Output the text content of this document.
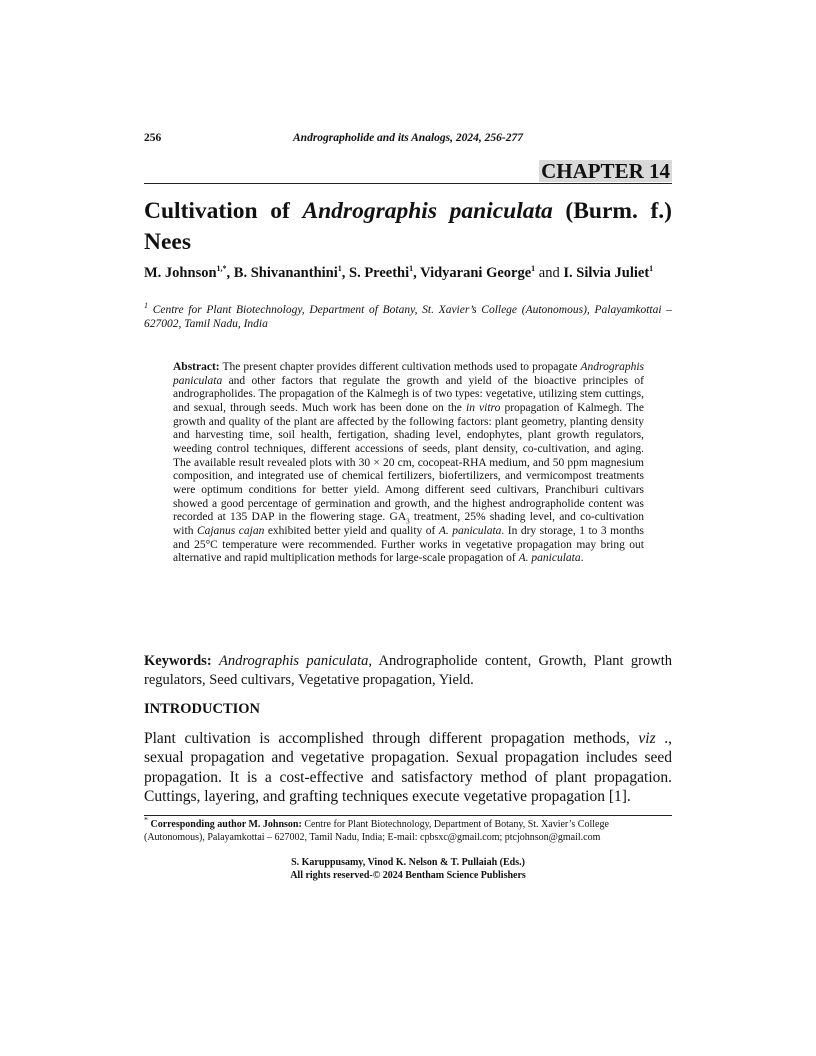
256	Andrographolide and its Analogs, 2024, 256-277
CHAPTER 14
Cultivation of Andrographis paniculata (Burm. f.) Nees
M. Johnson$^{1,*}$, B. Shivananthini$^1$, S. Preethi$^1$, Vidyarani George$^1$ and I. Silvia Juliet$^1$
$^1$ Centre for Plant Biotechnology, Department of Botany, St. Xavier’s College (Autonomous), Palayamkottai – 627002, Tamil Nadu, India
Abstract: The present chapter provides different cultivation methods used to propagate Andrographis paniculata and other factors that regulate the growth and yield of the bioactive principles of andrographolides. The propagation of the Kalmegh is of two types: vegetative, utilizing stem cuttings, and sexual, through seeds. Much work has been done on the in vitro propagation of Kalmegh. The growth and quality of the plant are affected by the following factors: plant geometry, planting density and harvesting time, soil health, fertigation, shading level, endophytes, plant growth regulators, weeding control techniques, different accessions of seeds, plant density, co-cultivation, and aging. The available result revealed plots with 30 × 20 cm, cocopeat-RHA medium, and 50 ppm magnesium composition, and integrated use of chemical fertilizers, biofertilizers, and vermicompost treatments were optimum conditions for better yield. Among different seed cultivars, Pranchiburi cultivars showed a good percentage of germination and growth, and the highest andrographolide content was recorded at 135 DAP in the flowering stage. $GA_3$ treatment, 25% shading level, and co-cultivation with Cajanus cajan exhibited better yield and quality of A. paniculata. In dry storage, 1 to 3 months and 25°C temperature were recommended. Further works in vegetative propagation may bring out alternative and rapid multiplication methods for large-scale propagation of A. paniculata.
Keywords: Andrographis paniculata, Andrographolide content, Growth, Plant growth regulators, Seed cultivars, Vegetative propagation, Yield.
INTRODUCTION
Plant cultivation is accomplished through different propagation methods, viz ., sexual propagation and vegetative propagation. Sexual propagation includes seed propagation. It is a cost-effective and satisfactory method of plant propagation. Cuttings, layering, and grafting techniques execute vegetative propagation [1].
* Corresponding author M. Johnson: Centre for Plant Biotechnology, Department of Botany, St. Xavier’s College (Autonomous), Palayamkottai – 627002, Tamil Nadu, India; E-mail: cpbsxc@gmail.com; ptcjohnson@gmail.com
S. Karuppusamy, Vinod K. Nelson & T. Pullaiah (Eds.)
All rights reserved-© 2024 Bentham Science Publishers
